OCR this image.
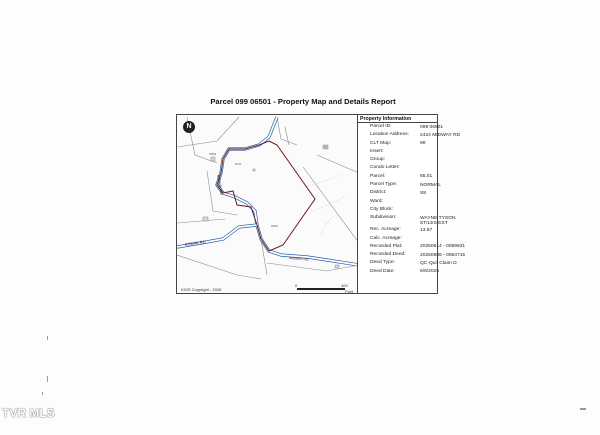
Parcel 099 06501 - Property Map and Details Report
06502
06501
65.01
KODAK RD
MIDWAY RD
MIDWAY RD
N
KGIS Copyright - 2026
0	400
Feet
Property Information
Parcel ID:	099 06501
Location Address: 2424 MIDWAY RD
CLT Map:	99
Insert:
Group:
Condo Letter:
Parcel:	65.01
Parcel Type:	NORMAL
District:	S8
Ward:
City Block:
Subdivision:	WAYNE TYSON STILES EST
Rec. Acreage:	13.57
Calc. Acreage:
Recorded Plat:	20250514 - 0059631
Recorded Deed:	20250606 - 0064715
Deed Type:	QC-Quit Claim D
Deed Date:	6/6/2025
TVR MLS
